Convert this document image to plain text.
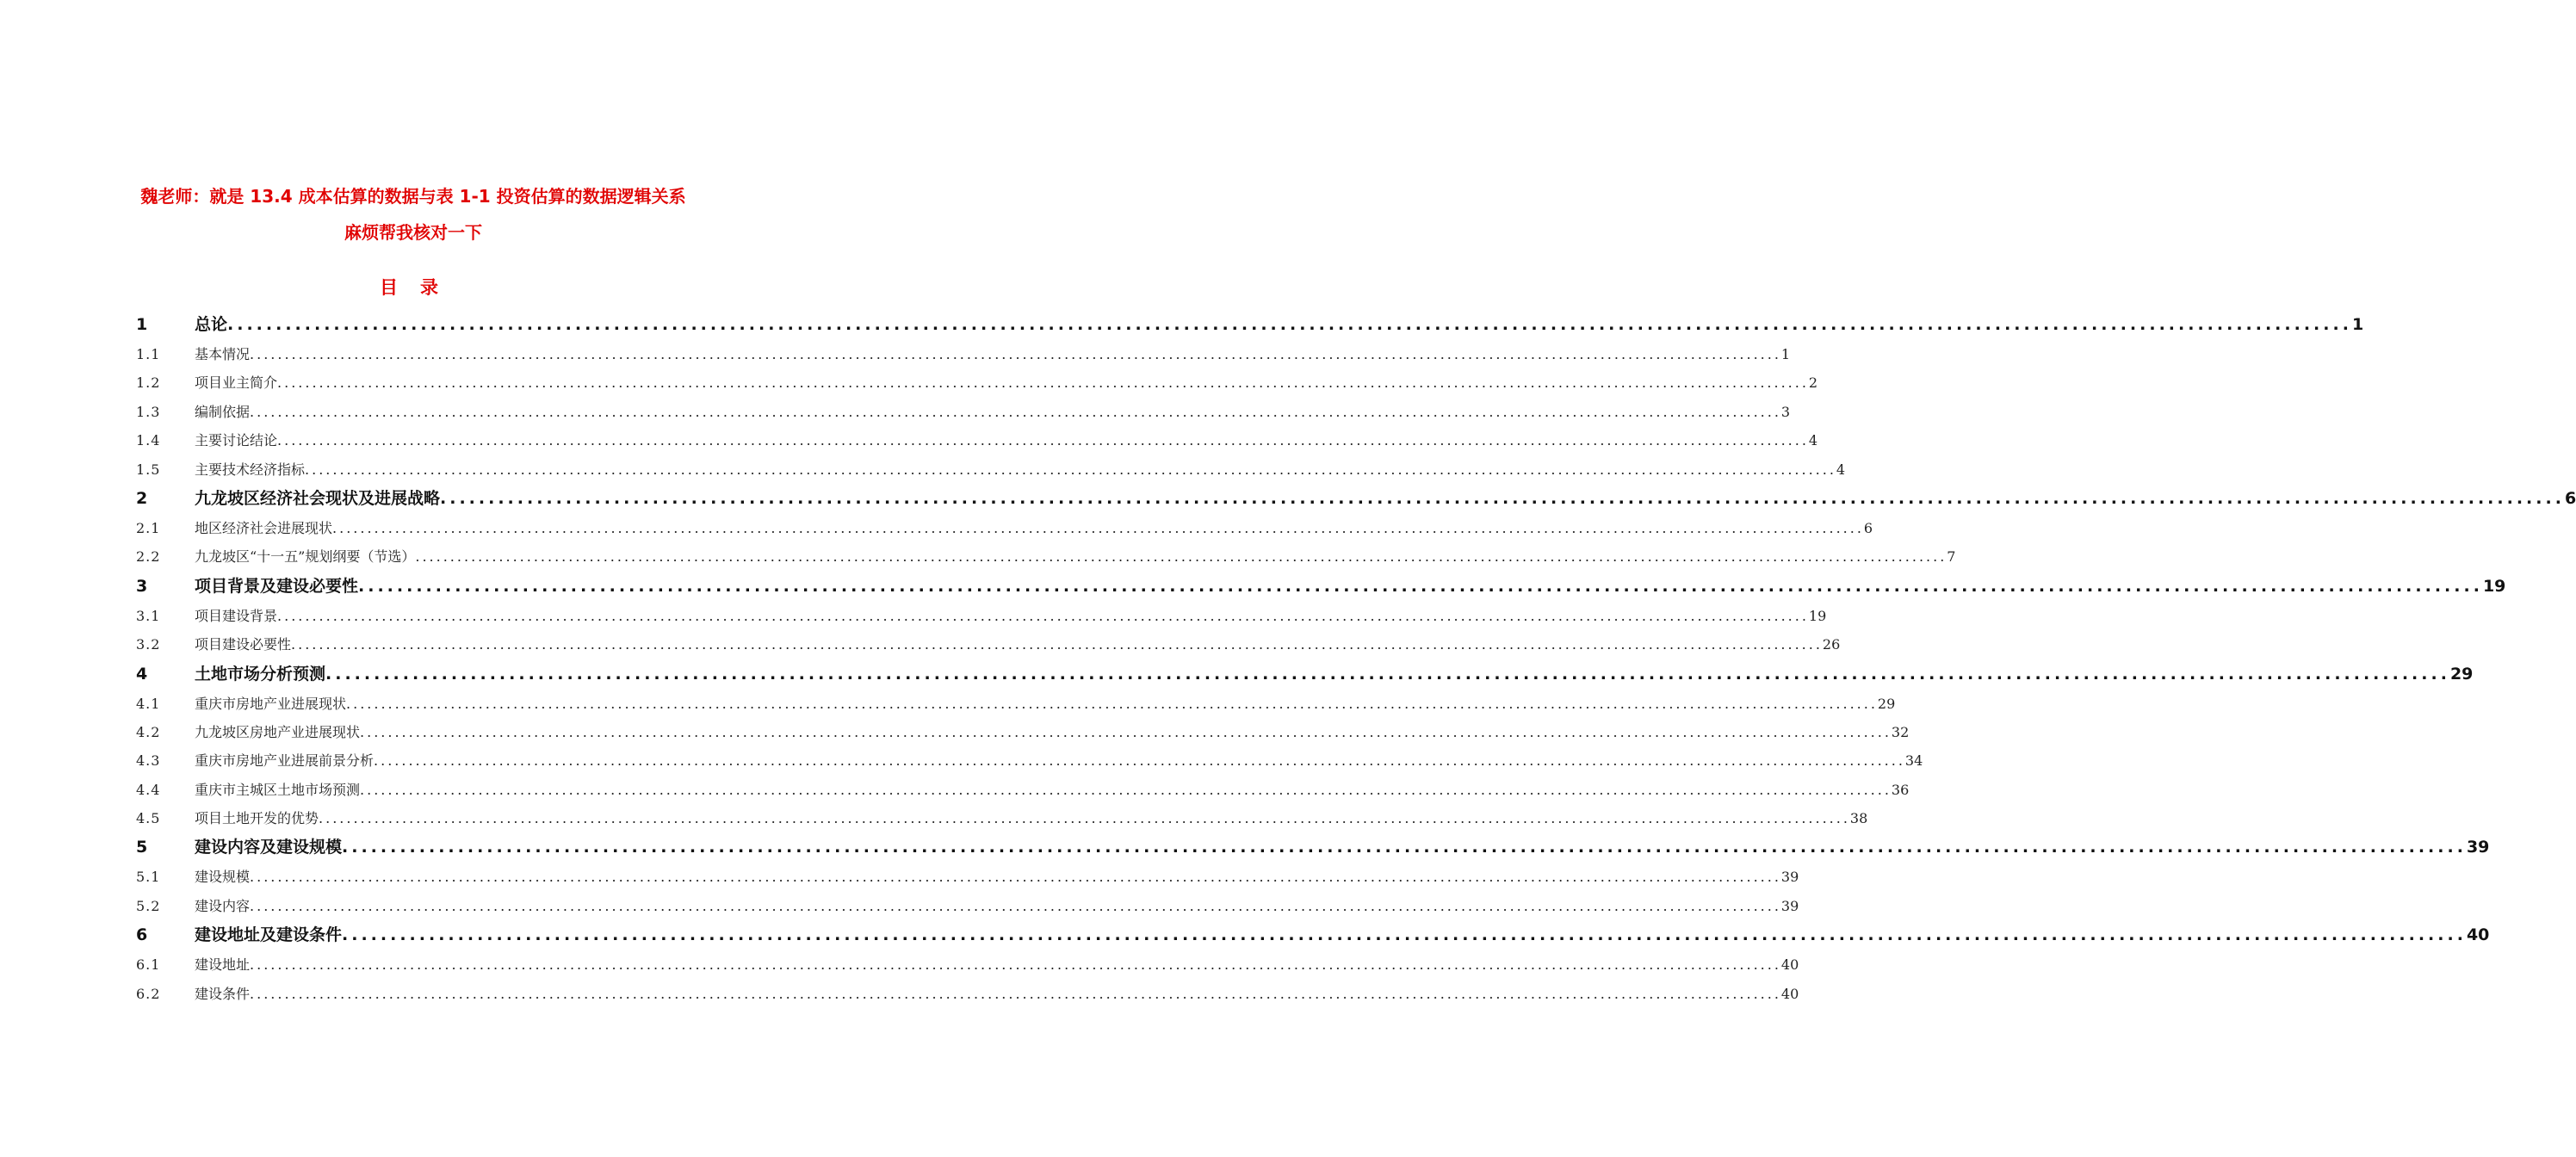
魏老师：就是 13.4 成本估算的数据与表 1-1 投资估算的数据逻辑关系
麻烦帮我核对一下
目录
1	总论 ............................................................................................................................................................................................................................ 1
1.1	基本情况 ............................................................................................................................................................................................................................ 1
1.2	项目业主简介 ............................................................................................................................................................................................................................ 2
1.3	编制依据 ............................................................................................................................................................................................................................ 3
1.4	主要讨论结论 ............................................................................................................................................................................................................................ 4
1.5	主要技术经济指标 ............................................................................................................................................................................................................................ 4
2	九龙坡区经济社会现状及进展战略 ............................................................................................................................................................................................................................ 6
2.1	地区经济社会进展现状 ............................................................................................................................................................................................................................ 6
2.2	九龙坡区“十一五”规划纲要（节选） ............................................................................................................................................................................................................................ 7
3	项目背景及建设必要性 ............................................................................................................................................................................................................................ 19
3.1	项目建设背景 ............................................................................................................................................................................................................................ 19
3.2	项目建设必要性 ............................................................................................................................................................................................................................ 26
4	土地市场分析预测 ............................................................................................................................................................................................................................ 29
4.1	重庆市房地产业进展现状 ............................................................................................................................................................................................................................ 29
4.2	九龙坡区房地产业进展现状 ............................................................................................................................................................................................................................ 32
4.3	重庆市房地产业进展前景分析 ............................................................................................................................................................................................................................ 34
4.4	重庆市主城区土地市场预测 ............................................................................................................................................................................................................................ 36
4.5	项目土地开发的优势 ............................................................................................................................................................................................................................ 38
5	建设内容及建设规模 ............................................................................................................................................................................................................................ 39
5.1	建设规模 ............................................................................................................................................................................................................................ 39
5.2	建设内容 ............................................................................................................................................................................................................................ 39
6	建设地址及建设条件 ............................................................................................................................................................................................................................ 40
6.1	建设地址 ............................................................................................................................................................................................................................ 40
6.2	建设条件 ............................................................................................................................................................................................................................ 40
